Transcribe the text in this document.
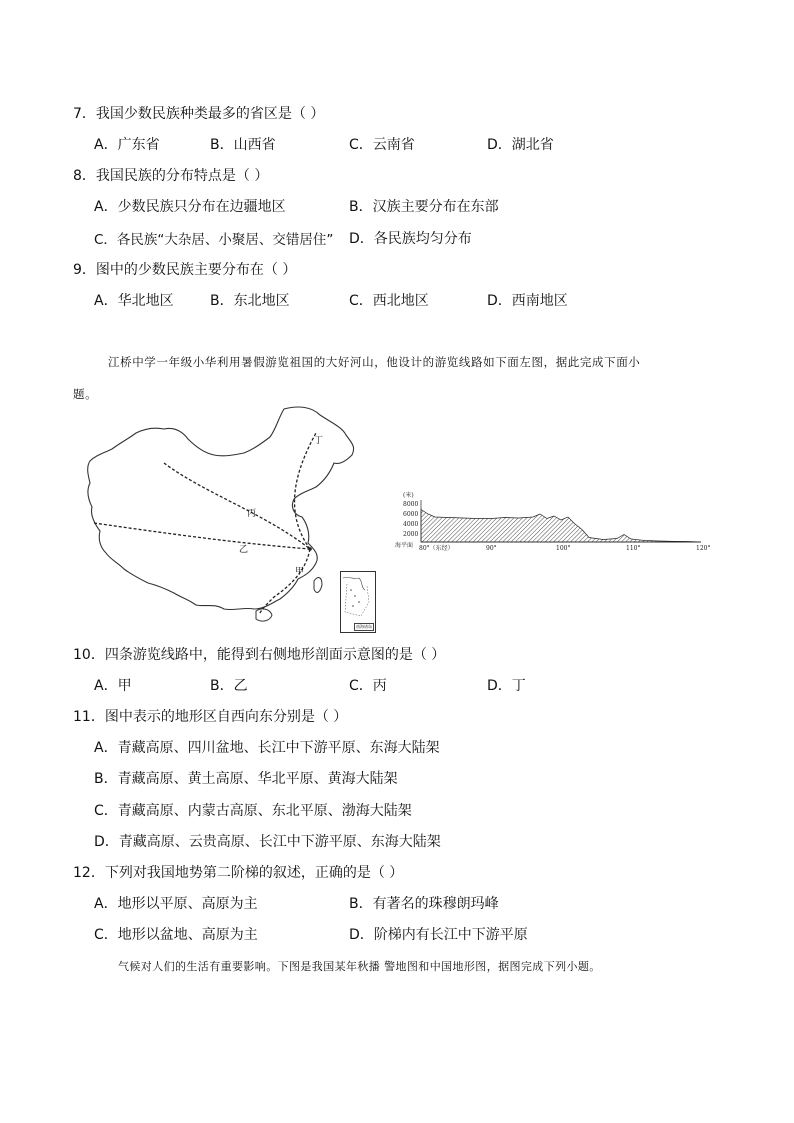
7．我国少数民族种类最多的省区是（ ）
A．广东省	B．山西省	C．云南省	D．湖北省
8．我国民族的分布特点是（ ）
A．少数民族只分布在边疆地区	B．汉族主要分布在东部
C．各民族“大杂居、小聚居、交错居住” D．各民族均匀分布
9．图中的少数民族主要分布在（ ）
A．华北地区	B．东北地区	C．西北地区	D．西南地区
江桥中学一年级小华利用暑假游览祖国的大好河山，他设计的游览线路如下面左图，据此完成下面小
题。
甲
乙
丙
丁
南海诸岛
(米)
8000
6000
4000
2000
海平面 80°（东经）	90°	100°	110°	120°
10．四条游览线路中，能得到右侧地形剖面示意图的是（ ）
A．甲	B．乙	C．丙	D．丁
11．图中表示的地形区自西向东分别是（ ）
A．青藏高原、四川盆地、长江中下游平原、东海大陆架
B．青藏高原、黄土高原、华北平原、黄海大陆架
C．青藏高原、内蒙古高原、东北平原、渤海大陆架
D．青藏高原、云贵高原、长江中下游平原、东海大陆架
12．下列对我国地势第二阶梯的叙述，正确的是（ ）
A．地形以平原、高原为主	B．有著名的珠穆朗玛峰
C．地形以盆地、高原为主	D．阶梯内有长江中下游平原
气候对人们的生活有重要影响。下图是我国某年秋播 警地图和中国地形图，据图完成下列小题。
